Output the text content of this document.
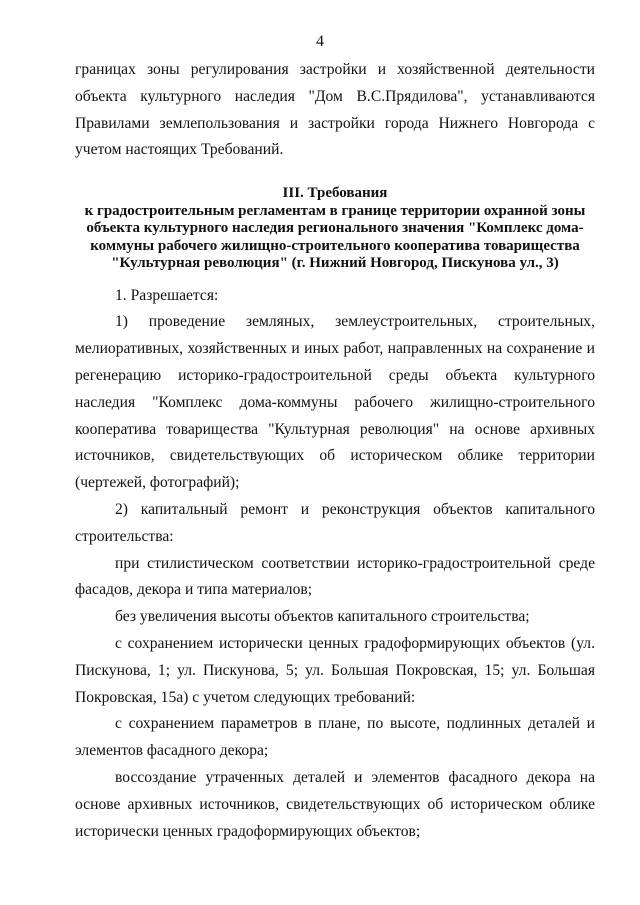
4

границах зоны регулирования застройки и хозяйственной деятельности объекта культурного наследия "Дом В.С.Прядилова", устанавливаются Правилами землепользования и застройки города Нижнего Новгорода с учетом настоящих Требований.

III. Требования
к градостроительным регламентам в границе территории охранной зоны объекта культурного наследия регионального значения "Комплекс дома-коммуны рабочего жилищно-строительного кооператива товарищества "Культурная революция" (г. Нижний Новгород, Пискунова ул., 3)

1. Разрешается:

1) проведение земляных, землеустроительных, строительных, мелиоративных, хозяйственных и иных работ, направленных на сохранение и регенерацию историко-градостроительной среды объекта культурного наследия "Комплекс дома-коммуны рабочего жилищно-строительного кооператива товарищества "Культурная революция" на основе архивных источников, свидетельствующих об историческом облике территории (чертежей, фотографий);

2) капитальный ремонт и реконструкция объектов капитального строительства:

при стилистическом соответствии историко-градостроительной среде фасадов, декора и типа материалов;

без увеличения высоты объектов капитального строительства;

с сохранением исторически ценных градоформирующих объектов (ул. Пискунова, 1; ул. Пискунова, 5; ул. Большая Покровская, 15; ул. Большая Покровская, 15а) с учетом следующих требований:

с сохранением параметров в плане, по высоте, подлинных деталей и элементов фасадного декора;

воссоздание утраченных деталей и элементов фасадного декора на основе архивных источников, свидетельствующих об историческом облике исторически ценных градоформирующих объектов;
